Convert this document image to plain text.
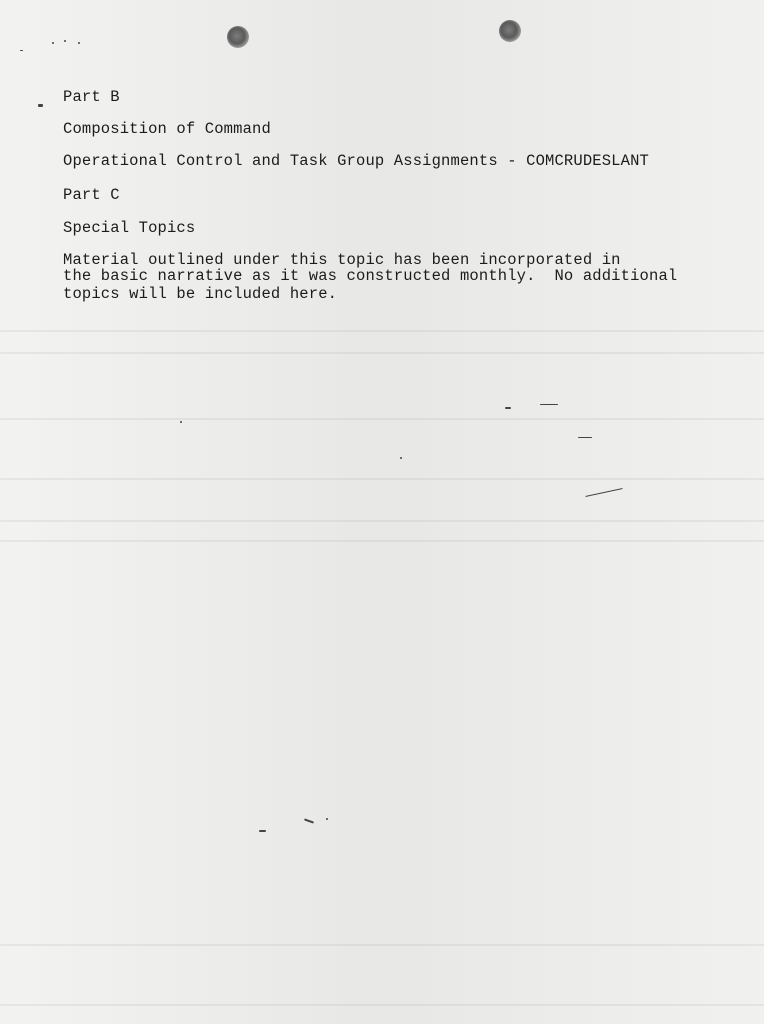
Part B
Composition of Command
Operational Control and Task Group Assignments - COMCRUDESLANT
Part C
Special Topics
Material outlined under this topic has been incorporated in
the basic narrative as it was constructed monthly.  No additional
topics will be included here.
